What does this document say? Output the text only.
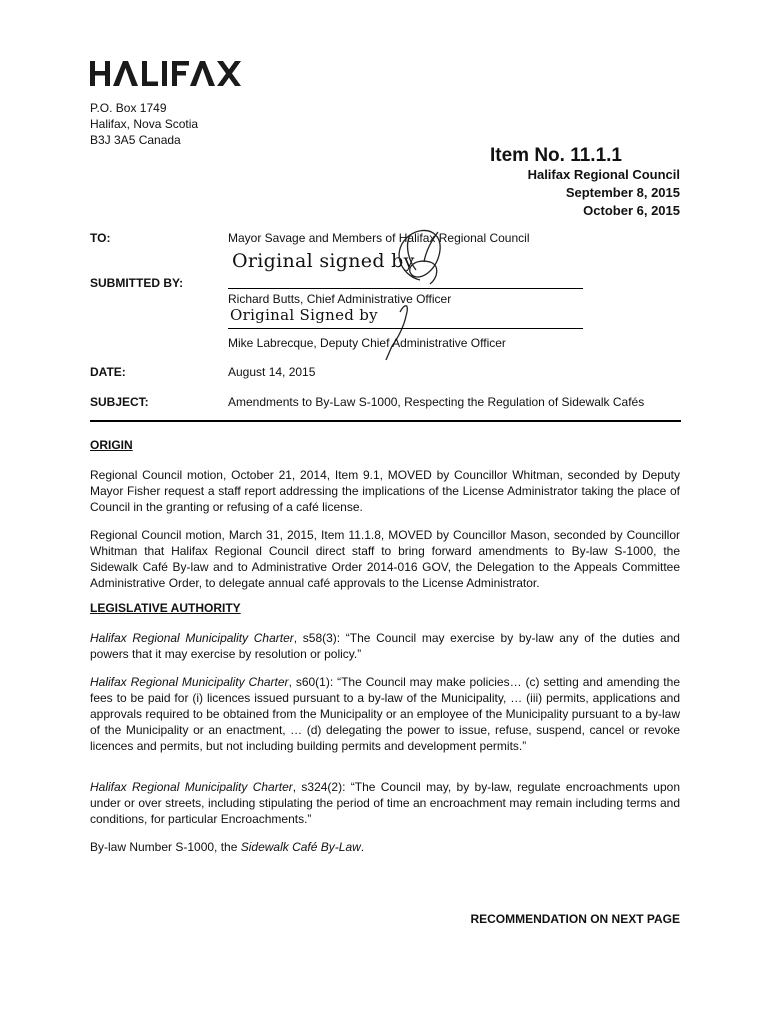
P.O. Box 1749
Halifax, Nova Scotia
B3J 3A5 Canada
Item No. 11.1.1
Halifax Regional Council
September 8, 2015
October 6, 2015
TO:	Mayor Savage and Members of Halifax Regional Council
SUBMITTED BY:
Original signed by
Richard Butts, Chief Administrative Officer
Original Signed by
Mike Labrecque, Deputy Chief Administrative Officer
DATE:	August 14, 2015
SUBJECT:	Amendments to By-Law S-1000, Respecting the Regulation of Sidewalk Cafés
ORIGIN
Regional Council motion, October 21, 2014, Item 9.1, MOVED by Councillor Whitman, seconded by Deputy Mayor Fisher request a staff report addressing the implications of the License Administrator taking the place of Council in the granting or refusing of a café license.
Regional Council motion, March 31, 2015, Item 11.1.8, MOVED by Councillor Mason, seconded by Councillor Whitman that Halifax Regional Council direct staff to bring forward amendments to By-law S-1000, the Sidewalk Café By-law and to Administrative Order 2014-016 GOV, the Delegation to the Appeals Committee Administrative Order, to delegate annual café approvals to the License Administrator.
LEGISLATIVE AUTHORITY
Halifax Regional Municipality Charter, s58(3): “The Council may exercise by by-law any of the duties and powers that it may exercise by resolution or policy.”
Halifax Regional Municipality Charter, s60(1): “The Council may make policies… (c) setting and amending the fees to be paid for (i) licences issued pursuant to a by-law of the Municipality, … (iii) permits, applications and approvals required to be obtained from the Municipality or an employee of the Municipality pursuant to a by-law of the Municipality or an enactment, … (d) delegating the power to issue, refuse, suspend, cancel or revoke licences and permits, but not including building permits and development permits.”
Halifax Regional Municipality Charter, s324(2): “The Council may, by by-law, regulate encroachments upon under or over streets, including stipulating the period of time an encroachment may remain including terms and conditions, for particular Encroachments.”
By-law Number S-1000, the Sidewalk Café By-Law.
RECOMMENDATION ON NEXT PAGE
